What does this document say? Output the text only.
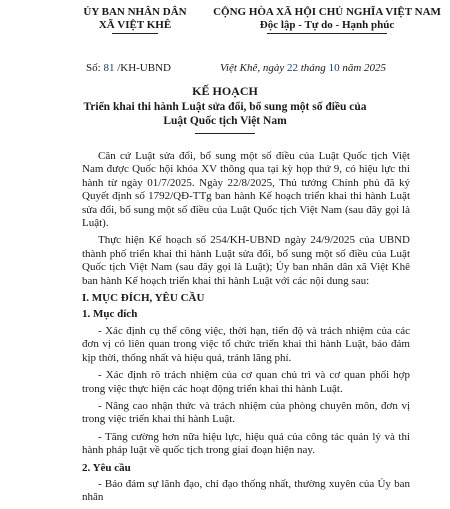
ỦY BAN NHÂN DÂN
XÃ VIỆT KHÊ
CỘNG HÒA XÃ HỘI CHỦ NGHĨA VIỆT NAM
Độc lập - Tự do - Hạnh phúc
Số: 81 /KH-UBND	Việt Khê, ngày 22 tháng 10 năm 2025
KẾ HOẠCH
Triển khai thi hành Luật sửa đổi, bổ sung một số điều của Luật Quốc tịch Việt Nam

Căn cứ Luật sửa đổi, bổ sung một số điều của Luật Quốc tịch Việt Nam được Quốc hội khóa XV thông qua tại kỳ họp thứ 9, có hiệu lực thi hành từ ngày 01/7/2025. Ngày 22/8/2025, Thủ tướng Chính phủ đã ký Quyết định số 1792/QĐ-TTg ban hành Kế hoạch triển khai thi hành Luật sửa đổi, bổ sung một số điều của Luật Quốc tịch Việt Nam (sau đây gọi là Luật).

Thực hiện Kế hoạch số 254/KH-UBND ngày 24/9/2025 của UBND thành phố triển khai thi hành Luật sửa đổi, bổ sung một số điều của Luật Quốc tịch Việt Nam (sau đây gọi là Luật); Ủy ban nhân dân xã Việt Khê ban hành Kế hoạch triển khai thi hành Luật với các nội dung sau:

I. MỤC ĐÍCH, YÊU CẦU

1. Mục đích

- Xác định cụ thể công việc, thời hạn, tiến độ và trách nhiệm của các đơn vị có liên quan trong việc tổ chức triển khai thi hành Luật, bảo đảm kịp thời, thống nhất và hiệu quả, tránh lãng phí.

- Xác định rõ trách nhiệm của cơ quan chủ trì và cơ quan phối hợp trong việc thực hiện các hoạt động triển khai thi hành Luật.

- Nâng cao nhận thức và trách nhiệm của phòng chuyên môn, đơn vị trong việc triển khai thi hành Luật.

- Tăng cường hơn nữa hiệu lực, hiệu quả của công tác quản lý và thi hành pháp luật về quốc tịch trong giai đoạn hiện nay.

2. Yêu cầu

- Bảo đảm sự lãnh đạo, chỉ đạo thống nhất, thường xuyên của Ủy ban nhân
